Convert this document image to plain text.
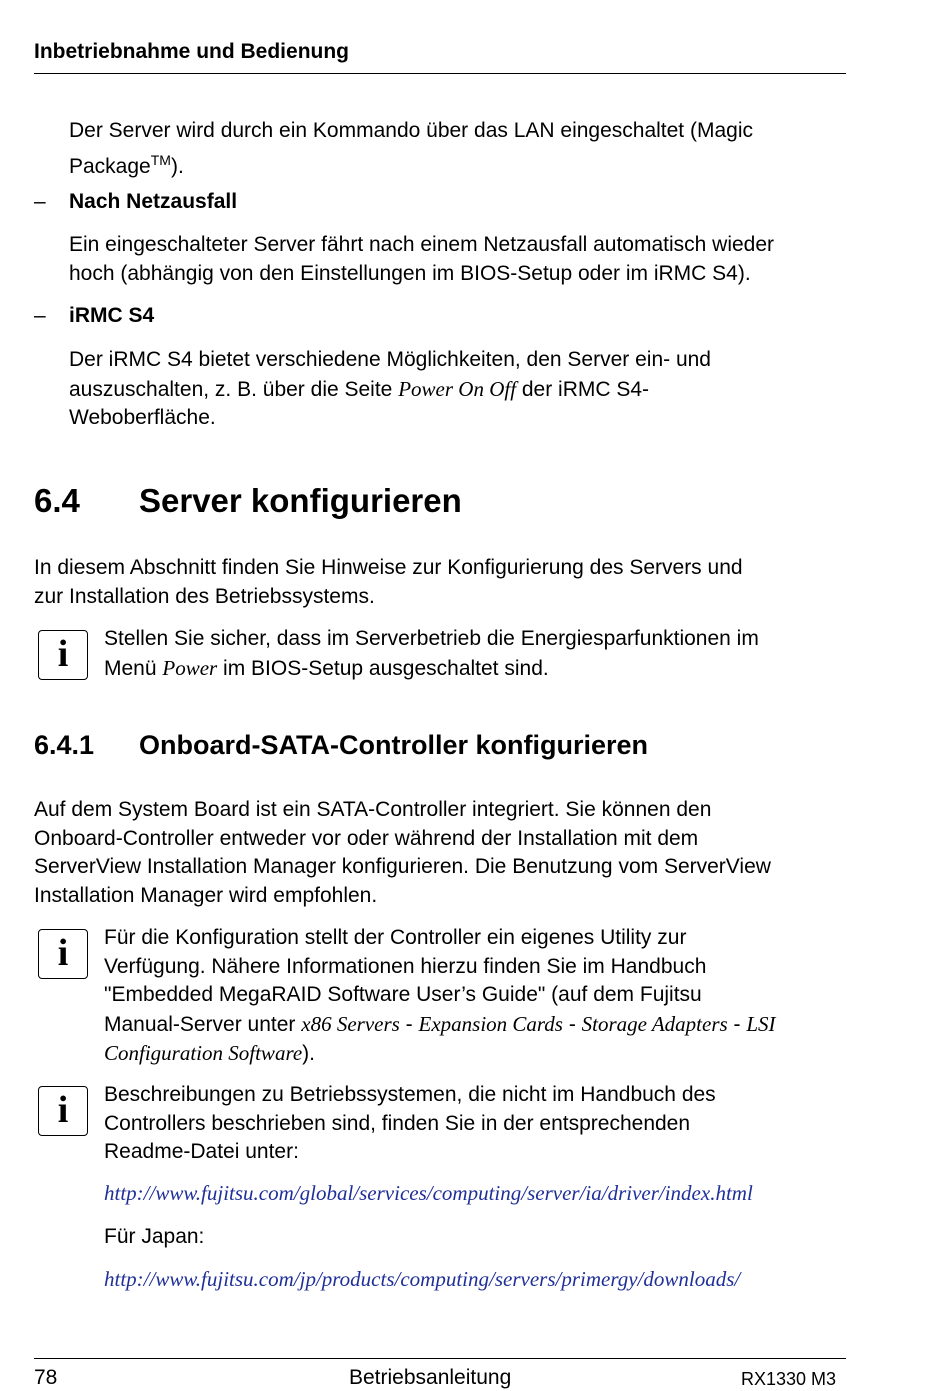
Inbetriebnahme und Bedienung
Der Server wird durch ein Kommando über das LAN eingeschaltet (Magic
Package™).
– Nach Netzausfall
Ein eingeschalteter Server fährt nach einem Netzausfall automatisch wieder
hoch (abhängig von den Einstellungen im BIOS-Setup oder im iRMC S4).
– iRMC S4
Der iRMC S4 bietet verschiedene Möglichkeiten, den Server ein- und
auszuschalten, z. B. über die Seite Power On Off der iRMC S4-
Weboberfläche.
6.4 Server konfigurieren
In diesem Abschnitt finden Sie Hinweise zur Konfigurierung des Servers und
zur Installation des Betriebssystems.
i	Stellen Sie sicher, dass im Serverbetrieb die Energiesparfunktionen im
Menü Power im BIOS-Setup ausgeschaltet sind.
6.4.1 Onboard-SATA-Controller konfigurieren
Auf dem System Board ist ein SATA-Controller integriert. Sie können den
Onboard-Controller entweder vor oder während der Installation mit dem
ServerView Installation Manager konfigurieren. Die Benutzung vom ServerView
Installation Manager wird empfohlen.
i	Für die Konfiguration stellt der Controller ein eigenes Utility zur
Verfügung. Nähere Informationen hierzu finden Sie im Handbuch
"Embedded MegaRAID Software User’s Guide" (auf dem Fujitsu
Manual-Server unter x86 Servers - Expansion Cards - Storage Adapters - LSI
Configuration Software).
i	Beschreibungen zu Betriebssystemen, die nicht im Handbuch des
Controllers beschrieben sind, finden Sie in der entsprechenden
Readme-Datei unter:
http://www.fujitsu.com/global/services/computing/server/ia/driver/index.html
Für Japan:
http://www.fujitsu.com/jp/products/computing/servers/primergy/downloads/
78	Betriebsanleitung	RX1330 M3
